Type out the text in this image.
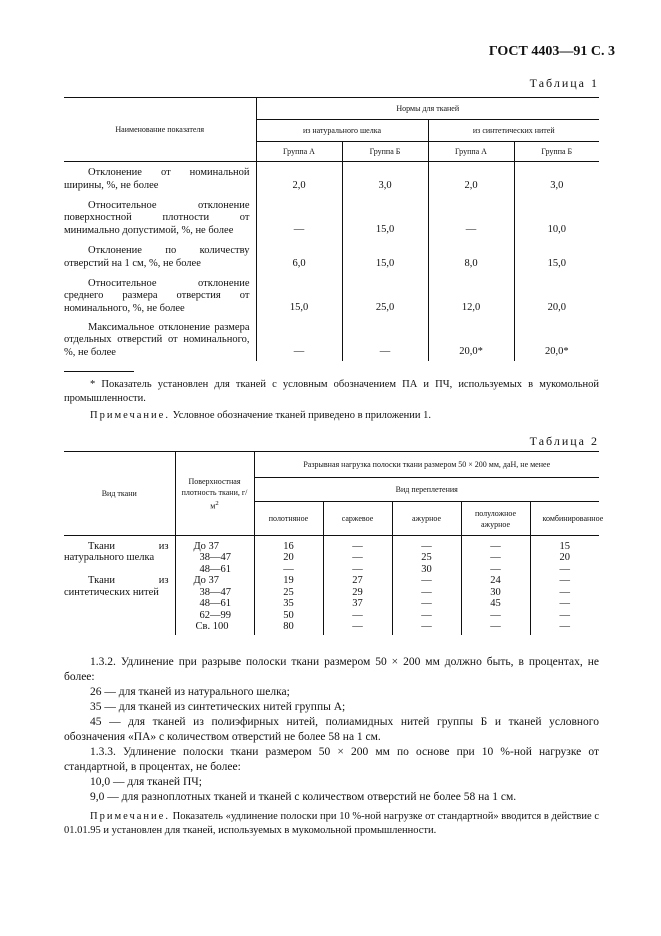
ГОСТ 4403—91 С. 3
Таблица 1
Наименование показателя	Нормы для тканей			
	из натурального шелка		из синтетических нитей	
	Группа А	Группа Б	Группа А	Группа Б
Отклонение от номинальной ширины, %, не более	2,0	3,0	2,0	3,0
Относительное отклонение поверхностной плотности от минимально допустимой, %, не более	—	15,0	—	10,0
Отклонение по количеству отверстий на 1 см, %, не более	6,0	15,0	8,0	15,0
Относительное отклонение среднего размера отверстия от номинального, %, не более	15,0	25,0	12,0	20,0
Максимальное отклонение размера отдельных отверстий от номинального, %, не более	—	—	20,0*	20,0*
* Показатель установлен для тканей с условным обозначением ПА и ПЧ, используемых в мукомольной промышленности.
Примечание. Условное обозначение тканей приведено в приложении 1.
Таблица 2
Вид ткани	Поверхностная плотность ткани, $г/м^2$	Разрывная нагрузка полоски ткани размером 50 × 200 мм, даН, не менее				
		Вид переплетения				
		полотняное	саржевое	ажурное	полуложное ажурное	комбинированное

Ткани из натурального шелка	До 37	16	—	—	—	15
	38—47	20	—	25	—	20
	48—61	—	—	30	—	—
Ткани из синтетических нитей	До 37	19	27	—	24	—
	38—47	25	29	—	30	—
	48—61	35	37	—	45	—
	62—99	50	—	—	—	—
	Св. 100	80	—	—	—	—
1.3.2. Удлинение при разрыве полоски ткани размером 50 × 200 мм должно быть, в процентах, не более:
26 — для тканей из натурального шелка;
35 — для тканей из синтетических нитей группы А;
45 — для тканей из полиэфирных нитей, полиамидных нитей группы Б и тканей условного обозначения «ПА» с количеством отверстий не более 58 на 1 см.
1.3.3. Удлинение полоски ткани размером 50 × 200 мм по основе при 10 %-ной нагрузке от стандартной, в процентах, не более:
10,0 — для тканей ПЧ;
9,0 — для разноплотных тканей и тканей с количеством отверстий не более 58 на 1 см.
Примечание. Показатель «удлинение полоски при 10 %-ной нагрузке от стандартной» вводится в действие с 01.01.95 и установлен для тканей, используемых в мукомольной промышленности.
